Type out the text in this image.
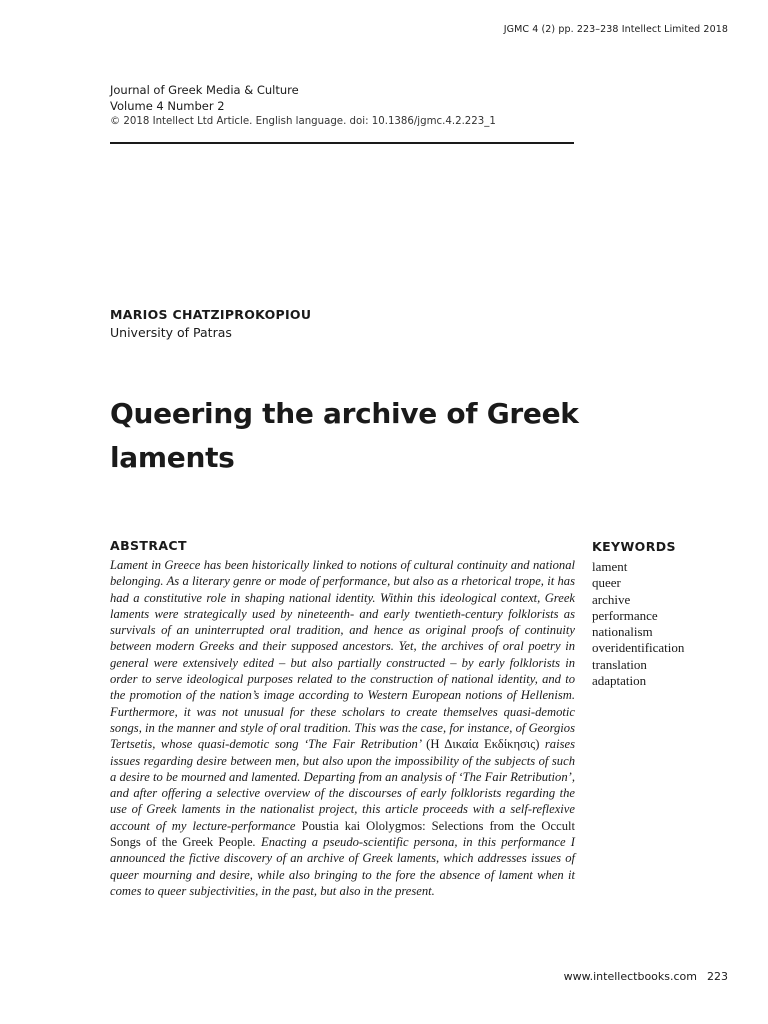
JGMC 4 (2) pp. 223–238 Intellect Limited 2018
Journal of Greek Media & Culture
Volume 4 Number 2
© 2018 Intellect Ltd Article. English language. doi: 10.1386/jgmc.4.2.223_1
MARIOS CHATZIPROKOPIOU
University of Patras
Queering the archive of Greek
laments
ABSTRACT
Lament in Greece has been historically linked to notions of cultural continuity and national belonging. As a literary genre or mode of performance, but also as a rhetorical trope, it has had a constitutive role in shaping national identity. Within this ideological context, Greek laments were strategically used by nineteenth- and early twentieth-century folklorists as survivals of an uninterrupted oral tradition, and hence as original proofs of continuity between modern Greeks and their supposed ancestors. Yet, the archives of oral poetry in general were extensively edited – but also partially constructed – by early folklorists in order to serve ideological purposes related to the construction of national identity, and to the promotion of the nation’s image according to Western European notions of Hellenism. Furthermore, it was not unusual for these scholars to create themselves quasi-demotic songs, in the manner and style of oral tradition. This was the case, for instance, of Georgios Tertsetis, whose quasi-demotic song ‘The Fair Retribution’ (Η Δικαία Εκδίκησις) raises issues regarding desire between men, but also upon the impossibility of the subjects of such a desire to be mourned and lamented. Departing from an analysis of ‘The Fair Retribution’, and after offering a selective overview of the discourses of early folklorists regarding the use of Greek laments in the nationalist project, this article proceeds with a self-reflexive account of my lecture-performance Poustia kai Ololygmos: Selections from the Occult Songs of the Greek People. Enacting a pseudo-scientific persona, in this performance I announced the fictive discovery of an archive of Greek laments, which addresses issues of queer mourning and desire, while also bringing to the fore the absence of lament when it comes to queer subjectivities, in the past, but also in the present.
KEYWORDS
lament
queer
archive
performance
nationalism
overidentification
translation
adaptation
www.intellectbooks.com 223
